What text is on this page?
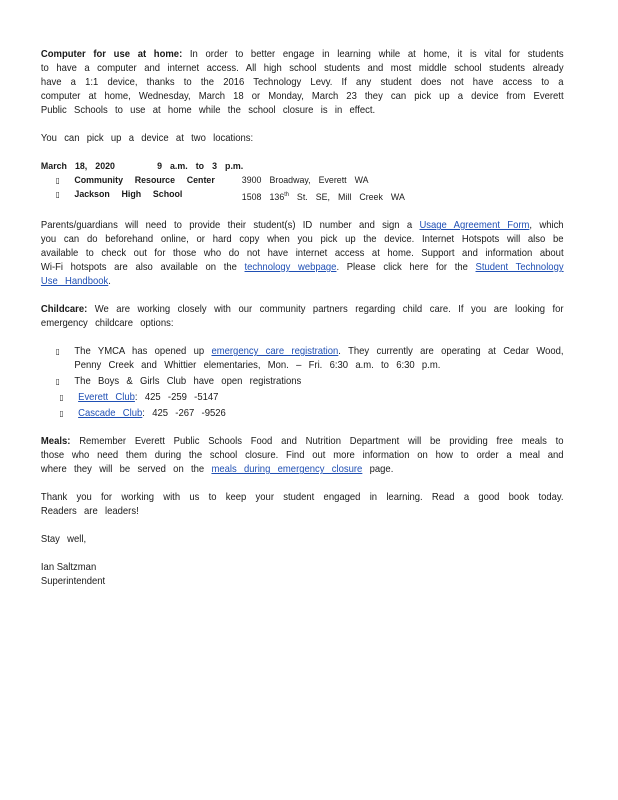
Computer for use at home: In order to better engage in learning while at home, it is vital for students to have a computer and internet access. All high school students and most middle school students already have a 1:1 device, thanks to the 2016 Technology Levy. If any student does not have access to a computer at home, Wednesday, March 18 or Monday, March 23 they can pick up a device from Everett Public Schools to use at home while the school closure is in effect.

You can pick up a device at two locations:

March 18, 2020	9 a.m. to 3 p.m.
▯	Community Resource Center	3900 Broadway, Everett WA
▯	Jackson High School	1508 136th St. SE, Mill Creek WA

Parents/guardians will need to provide their student(s) ID number and sign a Usage Agreement Form, which you can do beforehand online, or hard copy when you pick up the device. Internet Hotspots will also be available to check out for those who do not have internet access at home. Support and information about Wi-Fi hotspots are also available on the technology webpage. Please click here for the Student Technology Use Handbook.

Childcare: We are working closely with our community partners regarding child care. If you are looking for emergency childcare options:

▯	The YMCA has opened up emergency care registration. They currently are operating at Cedar Wood, Penny Creek and Whittier elementaries, Mon. – Fri. 6:30 a.m. to 6:30 p.m.
▯	The Boys & Girls Club have open registrations
▯	Everett Club: 425 -259 -5147
▯	Cascade Club: 425 -267 -9526

Meals: Remember Everett Public Schools Food and Nutrition Department will be providing free meals to those who need them during the school closure. Find out more information on how to order a meal and where they will be served on the meals during emergency closure page.

Thank you for working with us to keep your student engaged in learning. Read a good book today. Readers are leaders!

Stay well,

Ian Saltzman
Superintendent
